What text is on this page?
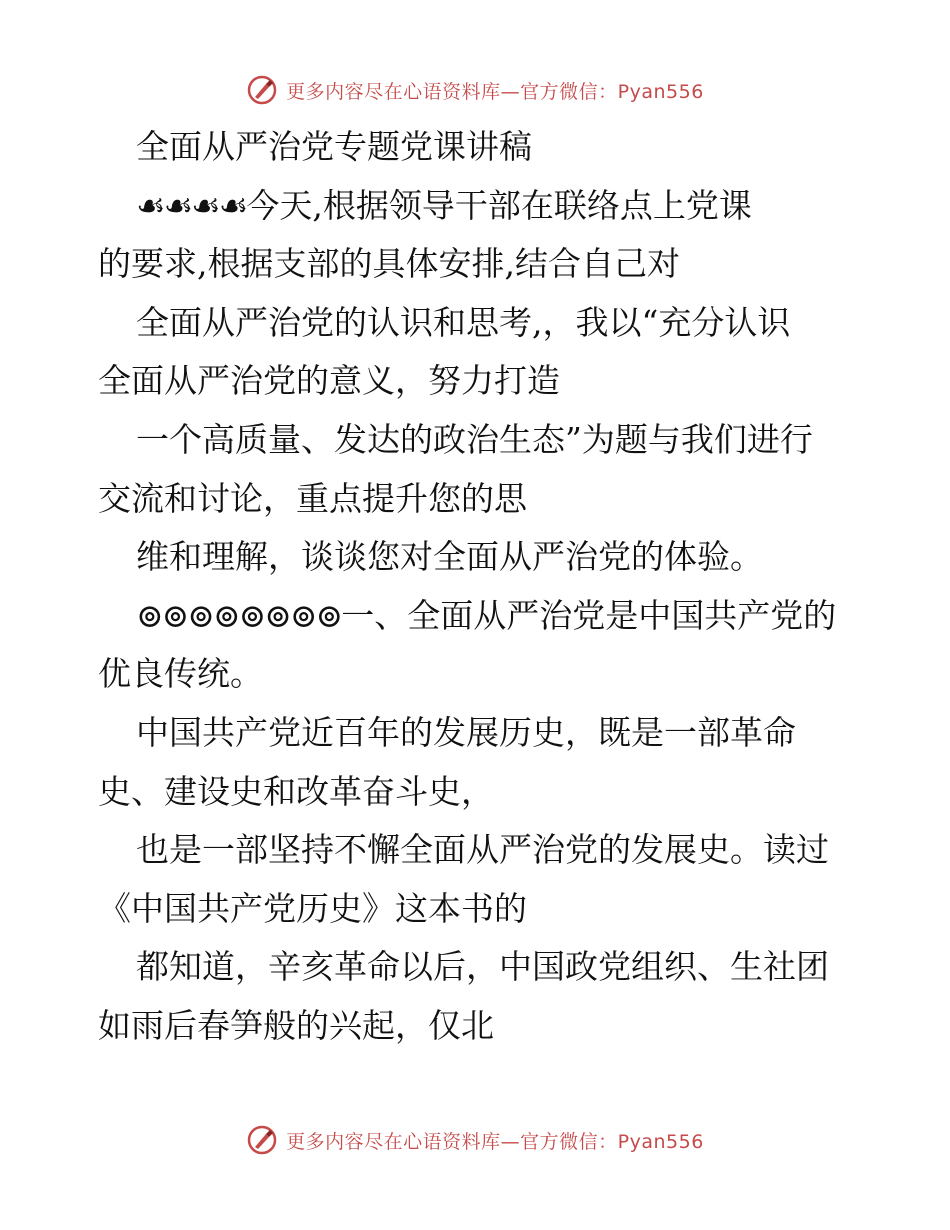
更多内容尽在心语资料库—官方微信：Pyan556
全面从严治党专题党课讲稿
☙☙☙☙今天,根据领导干部在联络点上党课
的要求,根据支部的具体安排,结合自己对
全面从严治党的认识和思考,，我以“充分认识
全面从严治党的意义，努力打造
一个高质量、发达的政治生态”为题与我们进行
交流和讨论，重点提升您的思
维和理解，谈谈您对全面从严治党的体验。
⊚⊚⊚⊚⊚⊚⊚⊚一、全面从严治党是中国共产党的
优良传统。
中国共产党近百年的发展历史，既是一部革命
史、建设史和改革奋斗史，
也是一部坚持不懈全面从严治党的发展史。读过
《中国共产党历史》这本书的
都知道，辛亥革命以后，中国政党组织、生社团
如雨后春笋般的兴起，仅北
更多内容尽在心语资料库—官方微信：Pyan556
